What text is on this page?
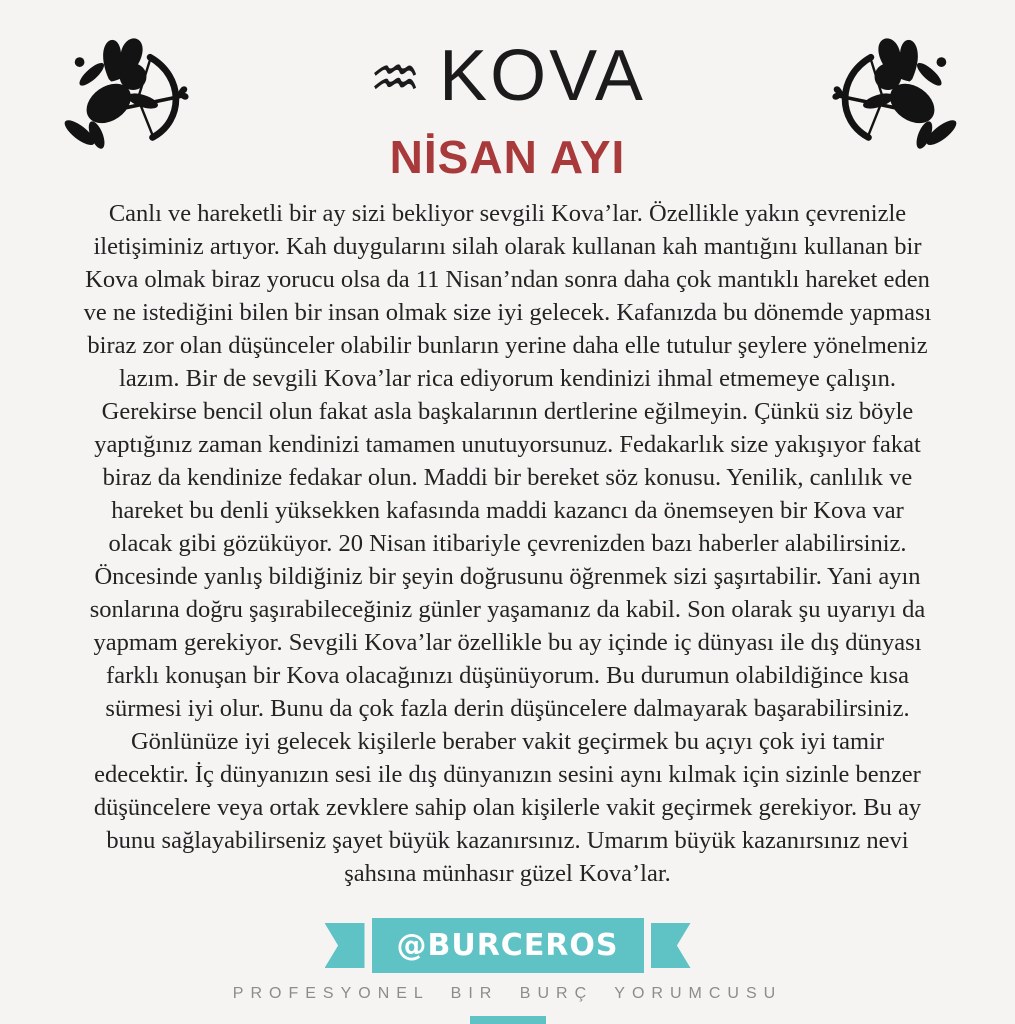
♒ KOVA
NİSAN AYI
Canlı ve hareketli bir ay sizi bekliyor sevgili Kova’lar. Özellikle yakın çevrenizle
iletişiminiz artıyor. Kah duygularını silah olarak kullanan kah mantığını kullanan bir
Kova olmak biraz yorucu olsa da 11 Nisan’ndan sonra daha çok mantıklı hareket eden
ve ne istediğini bilen bir insan olmak size iyi gelecek. Kafanızda bu dönemde yapması
biraz zor olan düşünceler olabilir bunların yerine daha elle tutulur şeylere yönelmeniz
lazım. Bir de sevgili Kova’lar rica ediyorum kendinizi ihmal etmemeye çalışın.
Gerekirse bencil olun fakat asla başkalarının dertlerine eğilmeyin. Çünkü siz böyle
yaptığınız zaman kendinizi tamamen unutuyorsunuz. Fedakarlık size yakışıyor fakat
biraz da kendinize fedakar olun. Maddi bir bereket söz konusu. Yenilik, canlılık ve
hareket bu denli yüksekken kafasında maddi kazancı da önemseyen bir Kova var
olacak gibi gözüküyor. 20 Nisan itibariyle çevrenizden bazı haberler alabilirsiniz.
Öncesinde yanlış bildiğiniz bir şeyin doğrusunu öğrenmek sizi şaşırtabilir. Yani ayın
sonlarına doğru şaşırabileceğiniz günler yaşamanız da kabil. Son olarak şu uyarıyı da
yapmam gerekiyor. Sevgili Kova’lar özellikle bu ay içinde iç dünyası ile dış dünyası
farklı konuşan bir Kova olacağınızı düşünüyorum. Bu durumun olabildiğince kısa
sürmesi iyi olur. Bunu da çok fazla derin düşüncelere dalmayarak başarabilirsiniz.
Gönlünüze iyi gelecek kişilerle beraber vakit geçirmek bu açıyı çok iyi tamir
edecektir. İç dünyanızın sesi ile dış dünyanızın sesini aynı kılmak için sizinle benzer
düşüncelere veya ortak zevklere sahip olan kişilerle vakit geçirmek gerekiyor. Bu ay
bunu sağlayabilirseniz şayet büyük kazanırsınız. Umarım büyük kazanırsınız nevi
şahsına münhasır güzel Kova’lar.
@BURCEROS
PROFESYONEL BIR BURÇ YORUMCUSU
